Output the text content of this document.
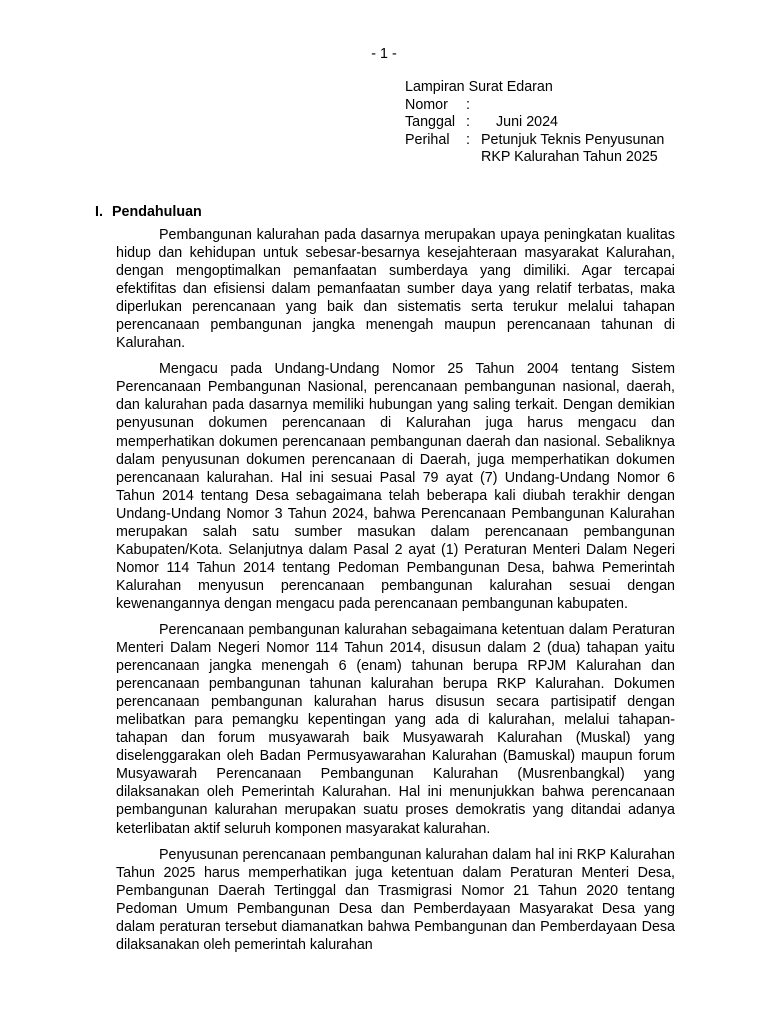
- 1 -
Lampiran Surat Edaran
Nomor	:
Tanggal :	Juni 2024
Perihal	: Petunjuk Teknis Penyusunan
RKP Kalurahan Tahun 2025
I. Pendahuluan

Pembangunan kalurahan pada dasarnya merupakan upaya peningkatan kualitas hidup dan kehidupan untuk sebesar-besarnya kesejahteraan masyarakat Kalurahan, dengan mengoptimalkan pemanfaatan sumberdaya yang dimiliki. Agar tercapai efektifitas dan efisiensi dalam pemanfaatan sumber daya yang relatif terbatas, maka diperlukan perencanaan yang baik dan sistematis serta terukur melalui tahapan perencanaan pembangunan jangka menengah maupun perencanaan tahunan di Kalurahan.

Mengacu pada Undang-Undang Nomor 25 Tahun 2004 tentang Sistem Perencanaan Pembangunan Nasional, perencanaan pembangunan nasional, daerah, dan kalurahan pada dasarnya memiliki hubungan yang saling terkait. Dengan demikian penyusunan dokumen perencanaan di Kalurahan juga harus mengacu dan memperhatikan dokumen perencanaan pembangunan daerah dan nasional. Sebaliknya dalam penyusunan dokumen perencanaan di Daerah, juga memperhatikan dokumen perencanaan kalurahan. Hal ini sesuai Pasal 79 ayat (7) Undang-Undang Nomor 6 Tahun 2014 tentang Desa sebagaimana telah beberapa kali diubah terakhir dengan Undang-Undang Nomor 3 Tahun 2024, bahwa Perencanaan Pembangunan Kalurahan merupakan salah satu sumber masukan dalam perencanaan pembangunan Kabupaten/Kota. Selanjutnya dalam Pasal 2 ayat (1) Peraturan Menteri Dalam Negeri Nomor 114 Tahun 2014 tentang Pedoman Pembangunan Desa, bahwa Pemerintah Kalurahan menyusun perencanaan pembangunan kalurahan sesuai dengan kewenangannya dengan mengacu pada perencanaan pembangunan kabupaten.

Perencanaan pembangunan kalurahan sebagaimana ketentuan dalam Peraturan Menteri Dalam Negeri Nomor 114 Tahun 2014, disusun dalam 2 (dua) tahapan yaitu perencanaan jangka menengah 6 (enam) tahunan berupa RPJM Kalurahan dan perencanaan pembangunan tahunan kalurahan berupa RKP Kalurahan. Dokumen perencanaan pembangunan kalurahan harus disusun secara partisipatif dengan melibatkan para pemangku kepentingan yang ada di kalurahan, melalui tahapan-tahapan dan forum musyawarah baik Musyawarah Kalurahan (Muskal) yang diselenggarakan oleh Badan Permusyawarahan Kalurahan (Bamuskal) maupun forum Musyawarah Perencanaan Pembangunan Kalurahan (Musrenbangkal) yang dilaksanakan oleh Pemerintah Kalurahan. Hal ini menunjukkan bahwa perencanaan pembangunan kalurahan merupakan suatu proses demokratis yang ditandai adanya keterlibatan aktif seluruh komponen masyarakat kalurahan.

Penyusunan perencanaan pembangunan kalurahan dalam hal ini RKP Kalurahan Tahun 2025 harus memperhatikan juga ketentuan dalam Peraturan Menteri Desa, Pembangunan Daerah Tertinggal dan Trasmigrasi Nomor 21 Tahun 2020 tentang Pedoman Umum Pembangunan Desa dan Pemberdayaan Masyarakat Desa yang dalam peraturan tersebut diamanatkan bahwa Pembangunan dan Pemberdayaan Desa dilaksanakan oleh pemerintah kalurahan
